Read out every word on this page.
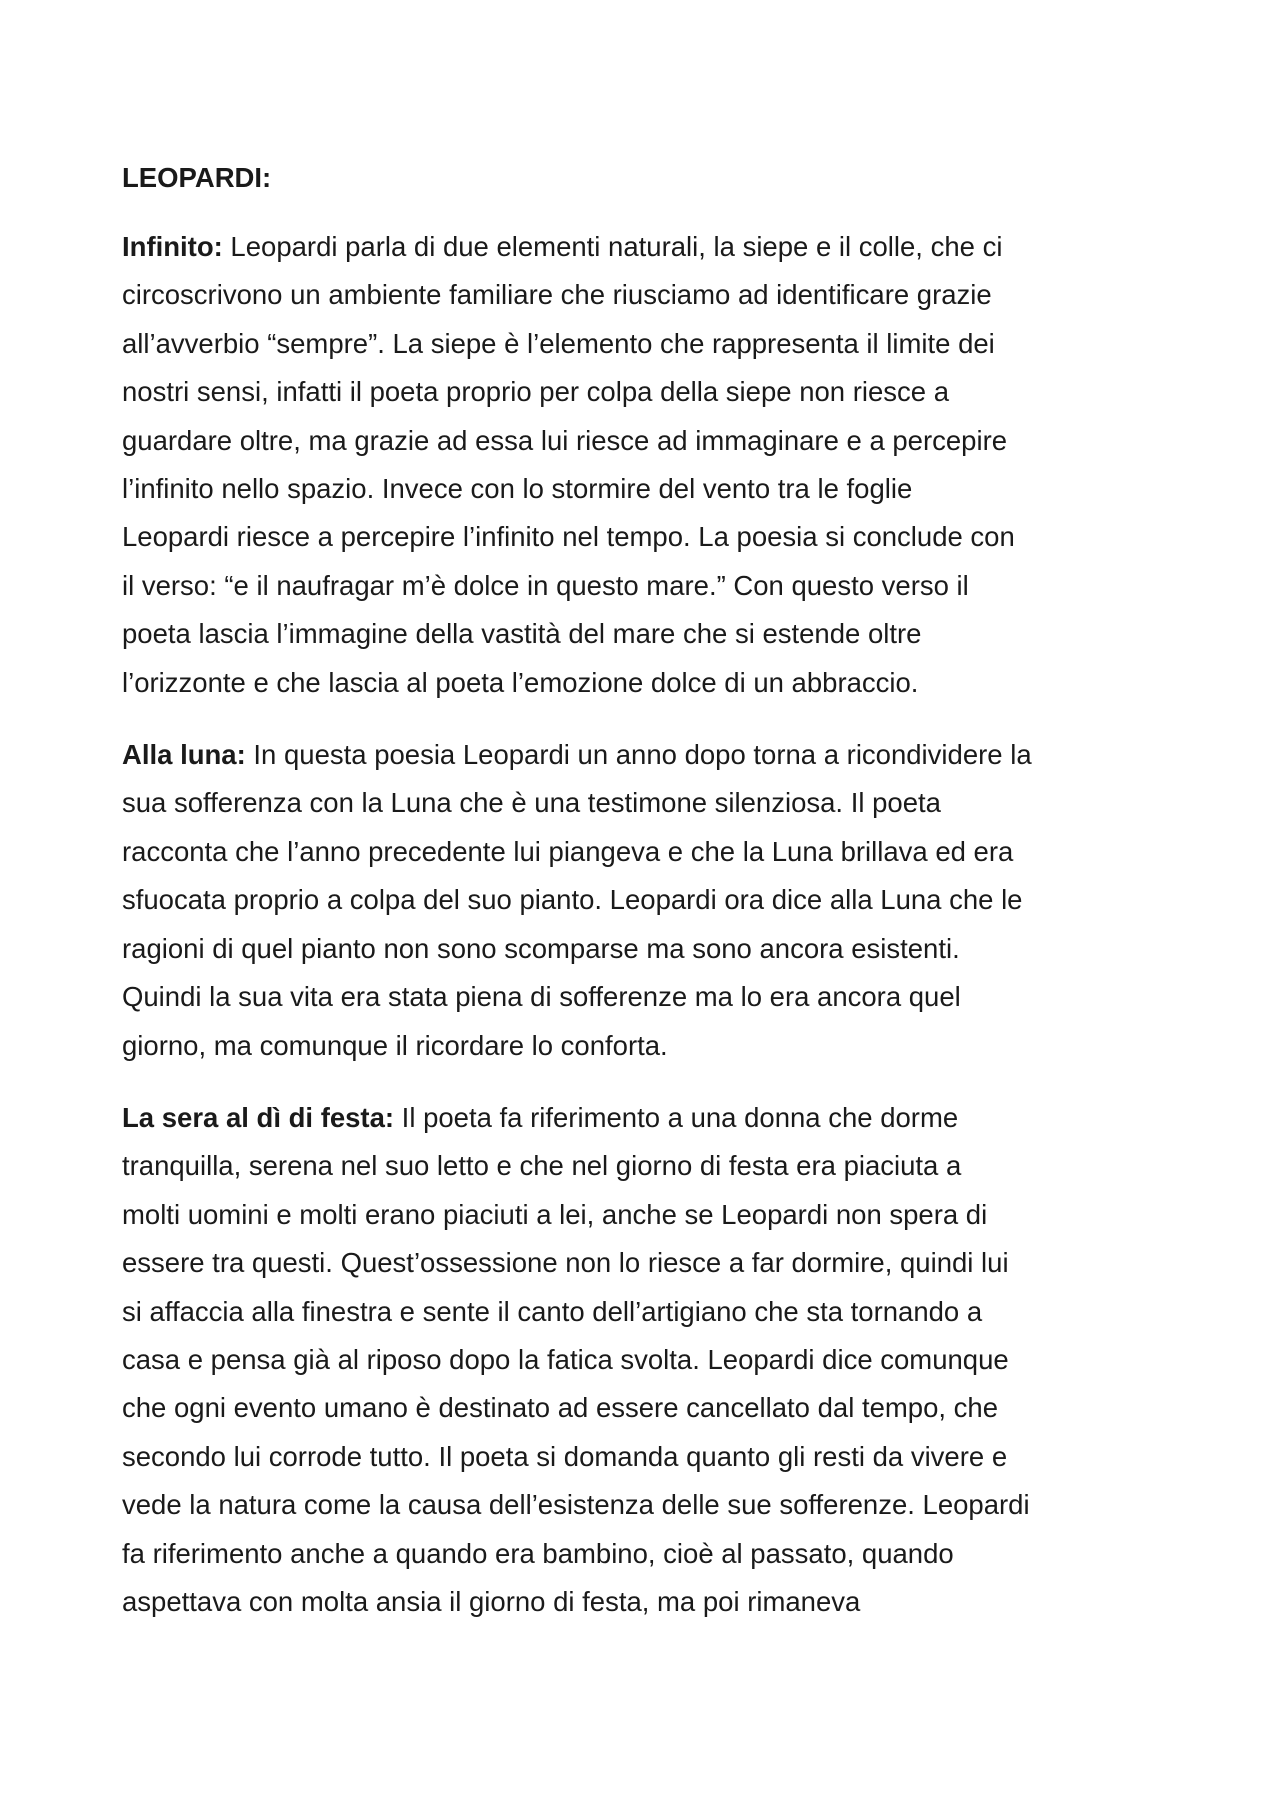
LEOPARDI:
Infinito: Leopardi parla di due elementi naturali, la siepe e il colle, che ci
circoscrivono un ambiente familiare che riusciamo ad identificare grazie
all’avverbio “sempre”. La siepe è l’elemento che rappresenta il limite dei
nostri sensi, infatti il poeta proprio per colpa della siepe non riesce a
guardare oltre, ma grazie ad essa lui riesce ad immaginare e a percepire
l’infinito nello spazio. Invece con lo stormire del vento tra le foglie
Leopardi riesce a percepire l’infinito nel tempo. La poesia si conclude con
il verso: “e il naufragar m’è dolce in questo mare.” Con questo verso il
poeta lascia l’immagine della vastità del mare che si estende oltre
l’orizzonte e che lascia al poeta l’emozione dolce di un abbraccio.
Alla luna: In questa poesia Leopardi un anno dopo torna a ricondividere la
sua sofferenza con la Luna che è una testimone silenziosa. Il poeta
racconta che l’anno precedente lui piangeva e che la Luna brillava ed era
sfuocata proprio a colpa del suo pianto. Leopardi ora dice alla Luna che le
ragioni di quel pianto non sono scomparse ma sono ancora esistenti.
Quindi la sua vita era stata piena di sofferenze ma lo era ancora quel
giorno, ma comunque il ricordare lo conforta.
La sera al dì di festa: Il poeta fa riferimento a una donna che dorme
tranquilla, serena nel suo letto e che nel giorno di festa era piaciuta a
molti uomini e molti erano piaciuti a lei, anche se Leopardi non spera di
essere tra questi. Quest’ossessione non lo riesce a far dormire, quindi lui
si affaccia alla finestra e sente il canto dell’artigiano che sta tornando a
casa e pensa già al riposo dopo la fatica svolta. Leopardi dice comunque
che ogni evento umano è destinato ad essere cancellato dal tempo, che
secondo lui corrode tutto. Il poeta si domanda quanto gli resti da vivere e
vede la natura come la causa dell’esistenza delle sue sofferenze. Leopardi
fa riferimento anche a quando era bambino, cioè al passato, quando
aspettava con molta ansia il giorno di festa, ma poi rimaneva
